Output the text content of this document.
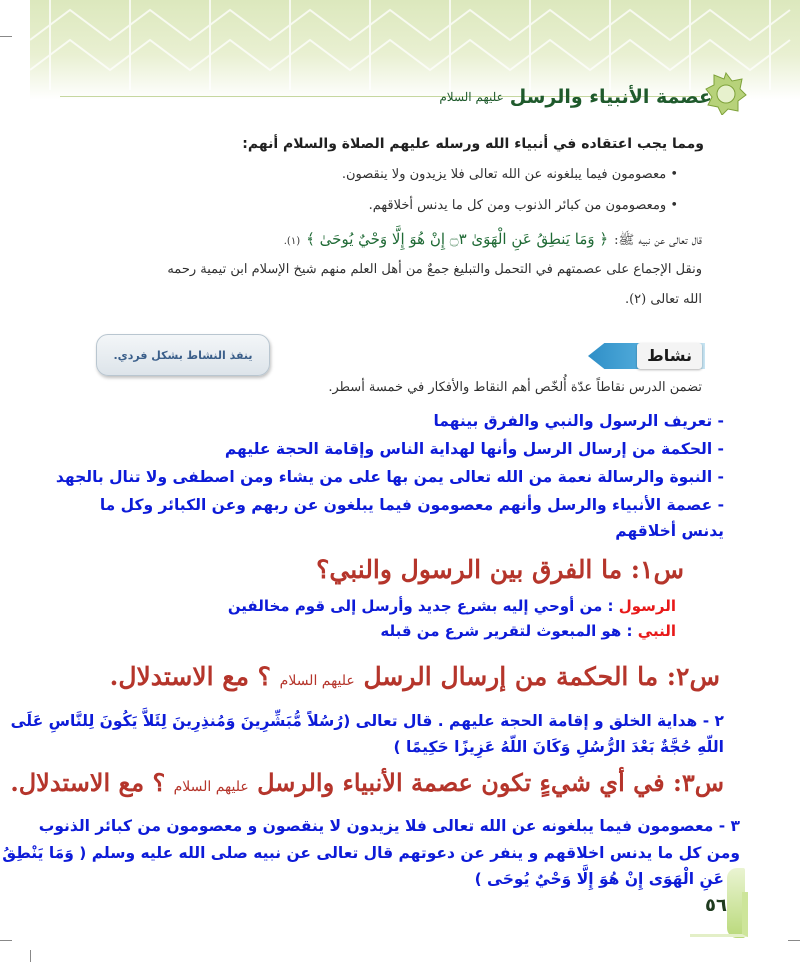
عصمة الأنبياء والرسل
عليهم السلام
ومما يجب اعتقاده في أنبياء الله ورسله عليهم الصلاة والسلام أنهم:
• معصومون فيما يبلغونه عن الله تعالى فلا يزيدون ولا ينقصون.
• ومعصومون من كبائر الذنوب ومن كل ما يدنس أخلاقهم.
قال تعالى عن نبيه ﷺ:
﴿ وَمَا يَنطِقُ عَنِ الْهَوَىٰ ۝٣ إِنْ هُوَ إِلَّا وَحْيٌ يُوحَىٰ ﴾
(١).
ونقل الإجماع على عصمتهم في التحمل والتبليغ جمعٌ من أهل العلم منهم شيخ الإسلام ابن تيمية رحمه
الله تعالى (٢).
نشاط
ينفذ النشاط بشكل فردي.
تضمن الدرس نقاطاً عدّة أُلخّص أهم النقاط والأفكار في خمسة أسطر.
- تعريف الرسول والنبي والفرق بينهما
- الحكمة من إرسال الرسل وأنها لهداية الناس وإقامة الحجة عليهم
- النبوة والرسالة نعمة من الله تعالى يمن بها على من يشاء ومن اصطفى ولا تنال بالجهد
- عصمة الأنبياء والرسل وأنهم معصومون فيما يبلغون عن ربهم وعن الكبائر وكل ما
يدنس أخلاقهم
س١: ما الفرق بين الرسول والنبي؟
الرسول : من أوحي إليه بشرع جديد وأرسل إلى قوم مخالفين
النبي : هو المبعوث لتقرير شرع من قبله
س٢: ما الحكمة من إرسال الرسل عليهم السلام ؟ مع الاستدلال.
٢ - هداية الخلق و إقامة الحجة عليهم . قال تعالى (رُسُلاً مُّبَشِّرِينَ وَمُنذِرِينَ لِئَلاَّ يَكُونَ لِلنَّاسِ عَلَى
اللّهِ حُجَّةٌ بَعْدَ الرُّسُلِ وَكَانَ اللّهُ عَزِيزًا حَكِيمًا )
س٣: في أي شيءٍ تكون عصمة الأنبياء والرسل عليهم السلام ؟ مع الاستدلال.
٣ - معصومون فيما يبلغونه عن الله تعالى فلا يزيدون لا ينقصون و معصومون من كبائر الذنوب
ومن كل ما يدنس اخلاقهم و ينفر عن دعوتهم قال تعالى عن نبيه صلى الله عليه وسلم ( وَمَا يَنْطِقُ
عَنِ الْهَوَى إِنْ هُوَ إِلَّا وَحْيٌ يُوحَى )
٥٦
